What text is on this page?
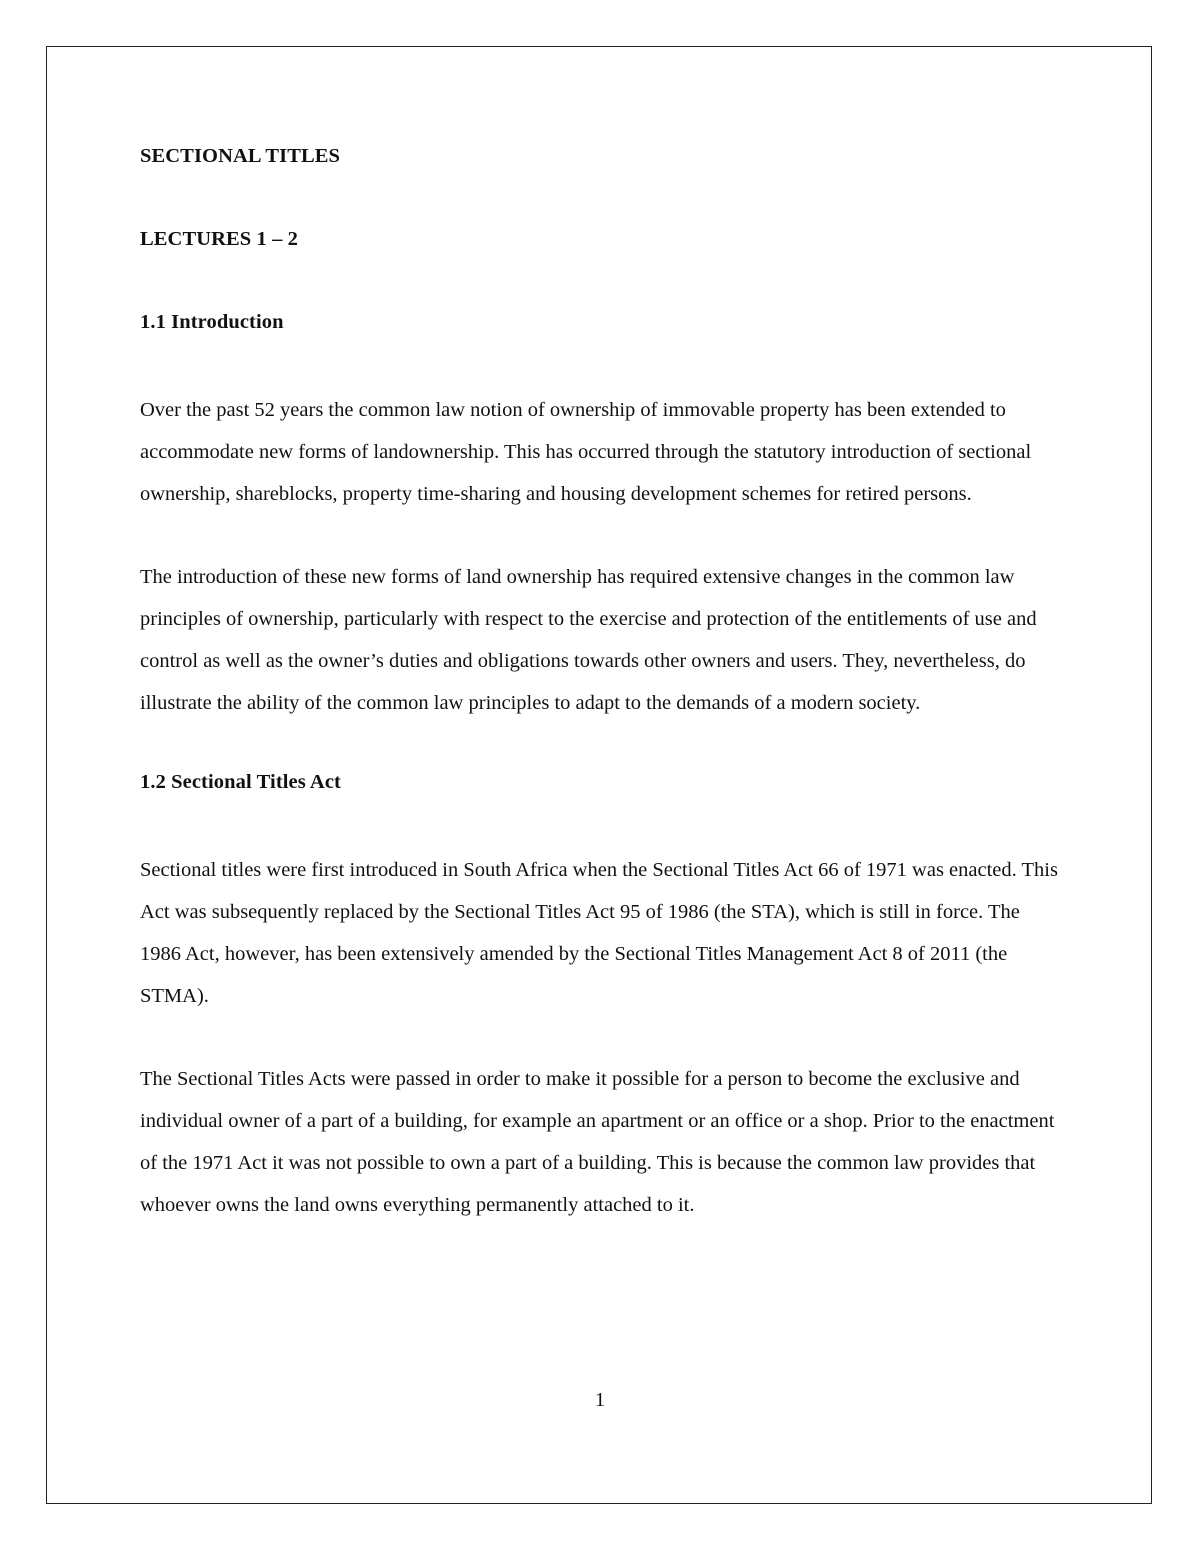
SECTIONAL TITLES

LECTURES 1 – 2

1.1 Introduction

Over the past 52 years the common law notion of ownership of immovable property has been extended to accommodate new forms of landownership. This has occurred through the statutory introduction of sectional ownership, shareblocks, property time-sharing and housing development schemes for retired persons.

The introduction of these new forms of land ownership has required extensive changes in the common law principles of ownership, particularly with respect to the exercise and protection of the entitlements of use and control as well as the owner’s duties and obligations towards other owners and users. They, nevertheless, do illustrate the ability of the common law principles to adapt to the demands of a modern society.

1.2 Sectional Titles Act

Sectional titles were first introduced in South Africa when the Sectional Titles Act 66 of 1971 was enacted. This Act was subsequently replaced by the Sectional Titles Act 95 of 1986 (the STA), which is still in force. The 1986 Act, however, has been extensively amended by the Sectional Titles Management Act 8 of 2011 (the STMA).

The Sectional Titles Acts were passed in order to make it possible for a person to become the exclusive and individual owner of a part of a building, for example an apartment or an office or a shop. Prior to the enactment of the 1971 Act it was not possible to own a part of a building. This is because the common law provides that whoever owns the land owns everything permanently attached to it.

1
